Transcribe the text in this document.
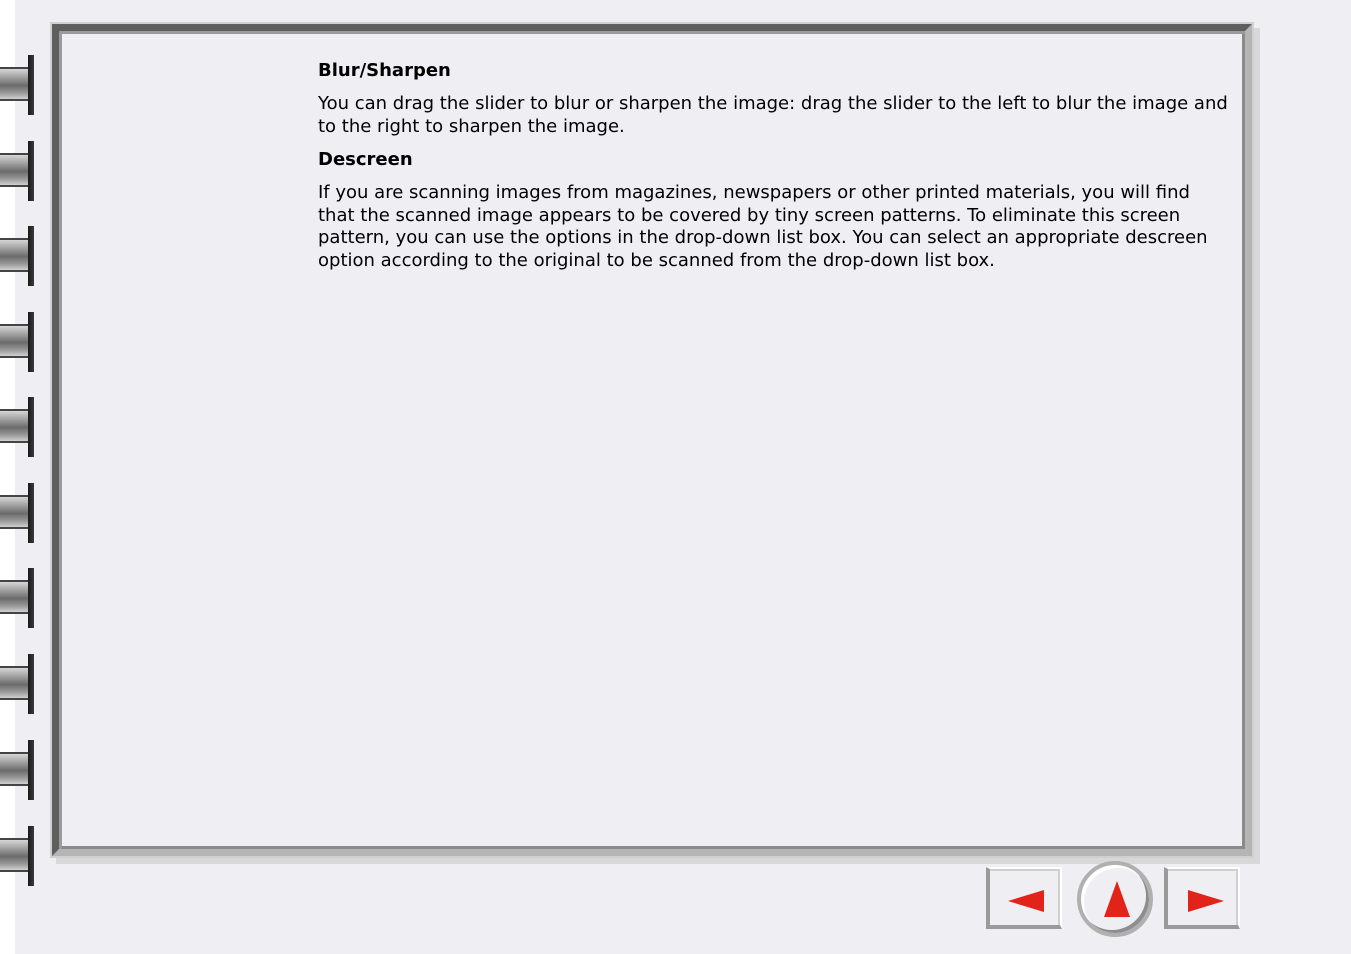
Blur/Sharpen
You can drag the slider to blur or sharpen the image: drag the slider to the left to blur the image and to the right to sharpen the image.
Descreen
If you are scanning images from magazines, newspapers or other printed materials, you will find that the scanned image appears to be covered by tiny screen patterns. To eliminate this screen pattern, you can use the options in the drop-down list box. You can select an appropriate descreen option according to the original to be scanned from the drop-down list box.
